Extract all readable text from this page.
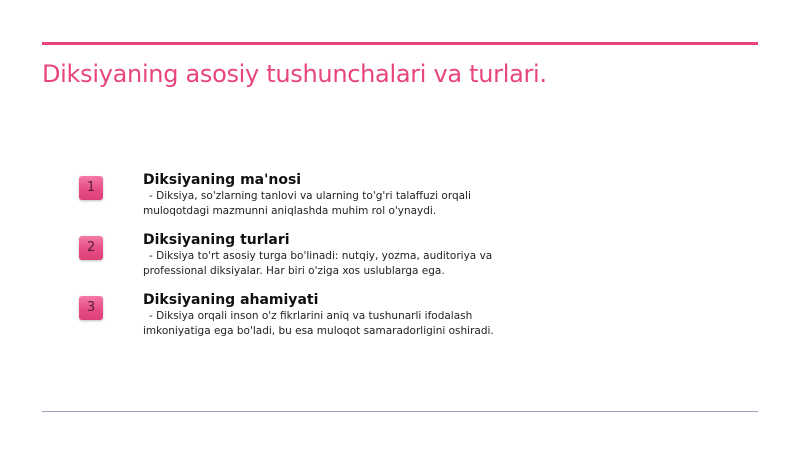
Diksiyaning asosiy tushunchalari va turlari.
1	Diksiyaning ma'nosi

- Diksiya, so'zlarning tanlovi va ularning to'g'ri talaffuzi orqali
muloqotdagi mazmunni aniqlashda muhim rol o'ynaydi.

2	Diksiyaning turlari

- Diksiya to'rt asosiy turga bo'linadi: nutqiy, yozma, auditoriya va
professional diksiyalar. Har biri o'ziga xos uslublarga ega.

3	Diksiyaning ahamiyati

- Diksiya orqali inson o'z fikrlarini aniq va tushunarli ifodalash
imkoniyatiga ega bo'ladi, bu esa muloqot samaradorligini oshiradi.
